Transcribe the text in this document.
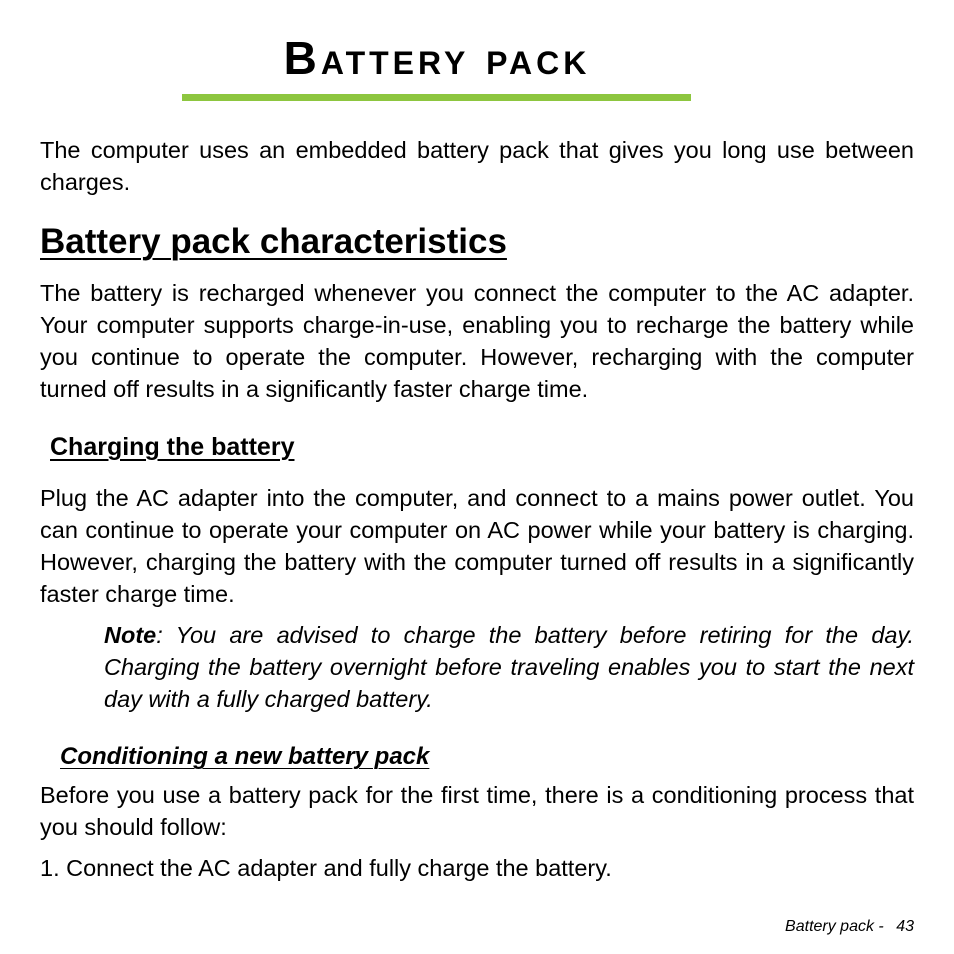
Battery pack

The computer uses an embedded battery pack that gives you long use between charges.

Battery pack characteristics

The battery is recharged whenever you connect the computer to the AC adapter. Your computer supports charge-in-use, enabling you to recharge the battery while you continue to operate the computer. However, recharging with the computer turned off results in a significantly faster charge time.

Charging the battery

Plug the AC adapter into the computer, and connect to a mains power outlet. You can continue to operate your computer on AC power while your battery is charging. However, charging the battery with the computer turned off results in a significantly faster charge time.

Note: You are advised to charge the battery before retiring for the day. Charging the battery overnight before traveling enables you to start the next day with a fully charged battery.

Conditioning a new battery pack

Before you use a battery pack for the first time, there is a conditioning process that you should follow:

1. Connect the AC adapter and fully charge the battery.

Battery pack - 43
